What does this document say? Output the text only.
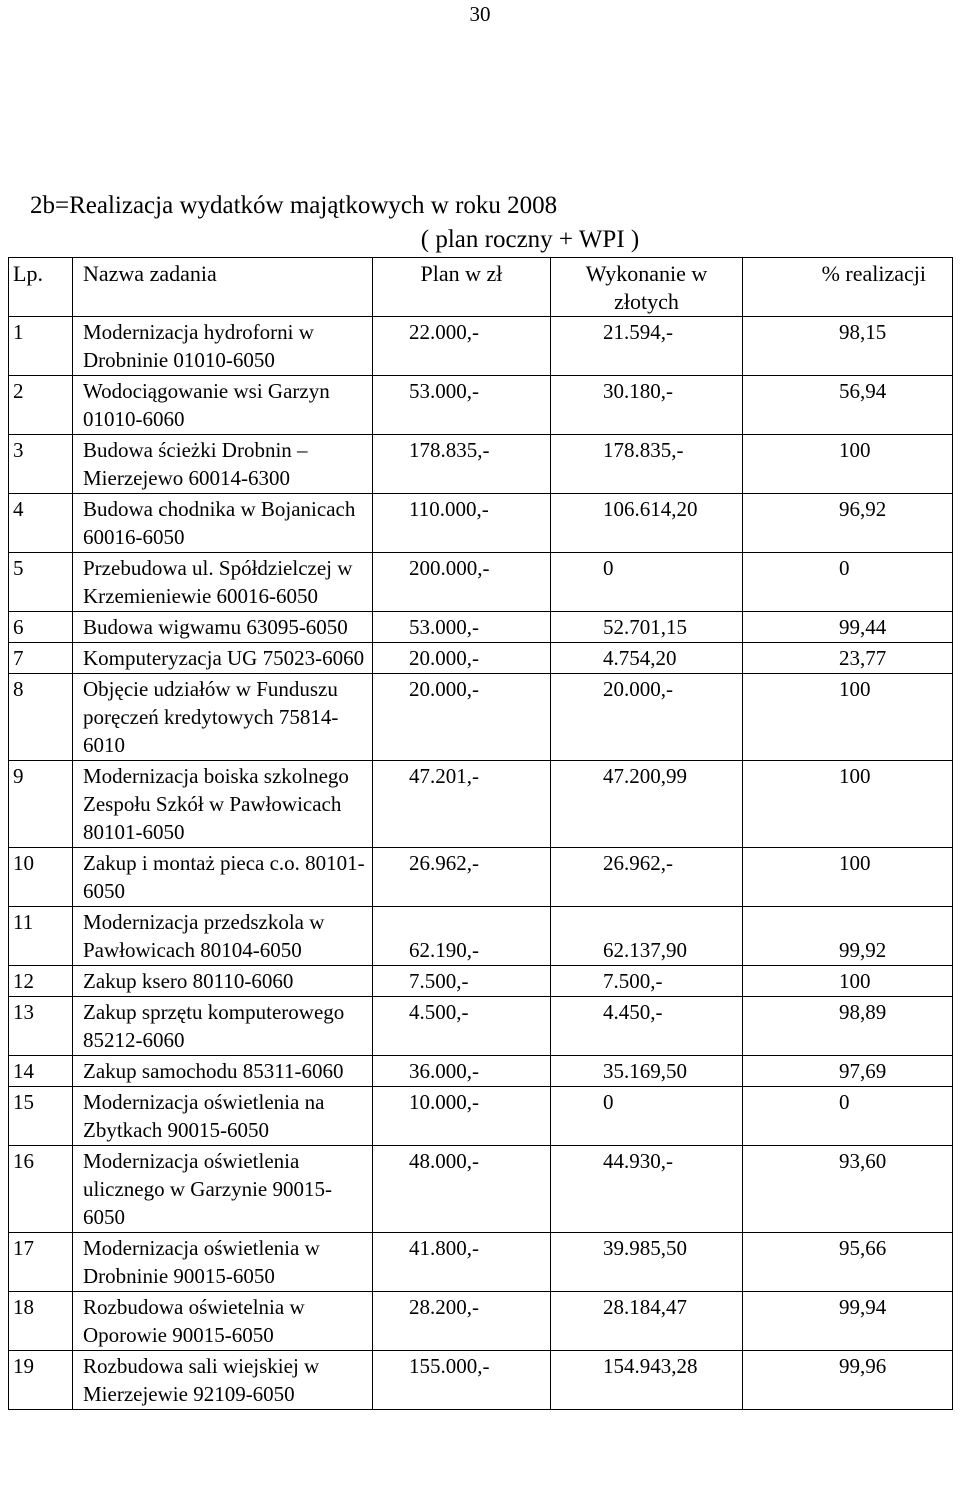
30
2b=Realizacja wydatków majątkowych w roku 2008
( plan roczny + WPI )
Lp.	Nazwa zadania	Plan w zł	Wykonanie w złotych	% realizacji
1	Modernizacja hydroforni w Drobninie 01010-6050	22.000,-	21.594,-	98,15
2	Wodociągowanie wsi Garzyn 01010-6060	53.000,-	30.180,-	56,94
3	Budowa ścieżki Drobnin – Mierzejewo 60014-6300	178.835,-	178.835,-	100
4	Budowa chodnika w Bojanicach 60016-6050	110.000,-	106.614,20	96,92
5	Przebudowa ul. Spółdzielczej w Krzemieniewie 60016-6050	200.000,-	0	0
6	Budowa wigwamu 63095-6050	53.000,-	52.701,15	99,44
7	Komputeryzacja UG 75023-6060	20.000,-	4.754,20	23,77
8	Objęcie udziałów w Funduszu poręczeń kredytowych 75814-6010	20.000,-	20.000,-	100
9	Modernizacja boiska szkolnego Zespołu Szkół w Pawłowicach 80101-6050	47.201,-	47.200,99	100
10	Zakup i montaż pieca c.o. 80101-6050	26.962,-	26.962,-	100
11	Modernizacja przedszkola w Pawłowicach 80104-6050	62.190,-	62.137,90	99,92
12	Zakup ksero 80110-6060	7.500,-	7.500,-	100
13	Zakup sprzętu komputerowego 85212-6060	4.500,-	4.450,-	98,89
14	Zakup samochodu 85311-6060	36.000,-	35.169,50	97,69
15	Modernizacja oświetlenia na Zbytkach 90015-6050	10.000,-	0	0
16	Modernizacja oświetlenia ulicznego w Garzynie 90015-6050	48.000,-	44.930,-	93,60
17	Modernizacja oświetlenia w Drobninie 90015-6050	41.800,-	39.985,50	95,66
18	Rozbudowa oświetelnia w Oporowie 90015-6050	28.200,-	28.184,47	99,94
19	Rozbudowa sali wiejskiej w Mierzejewie 92109-6050	155.000,-	154.943,28	99,96
